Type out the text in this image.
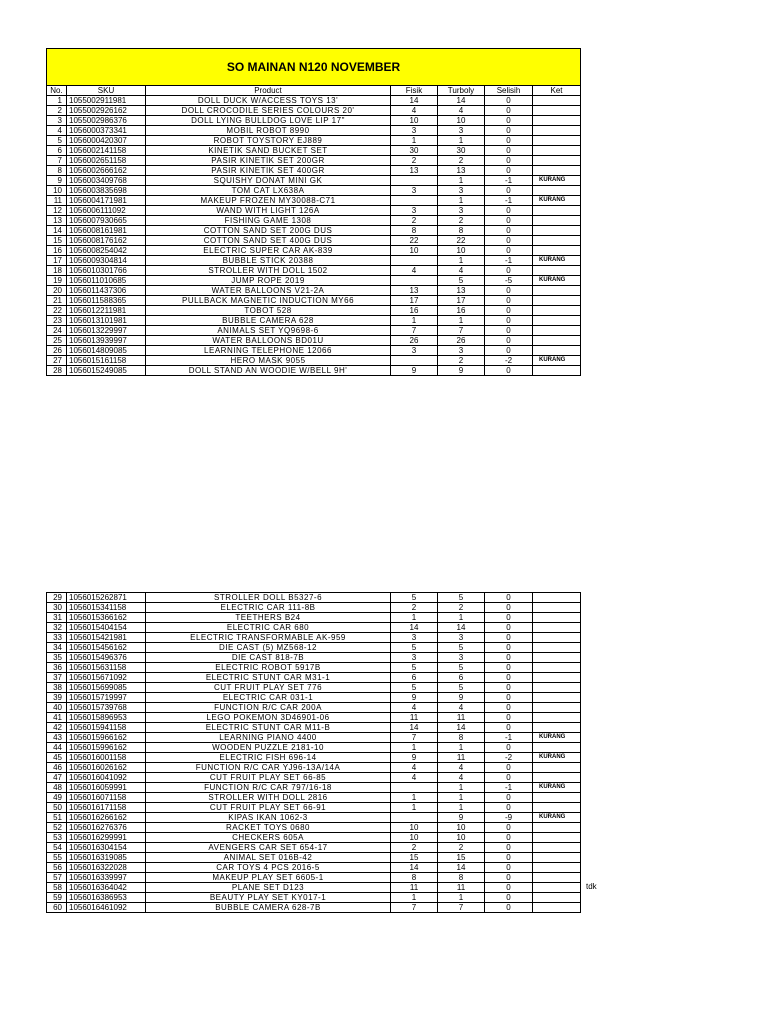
SO MAINAN N120 NOVEMBER						
No.	SKU	Product	Fisik	Turboly	Selisih	Ket
1	1055002911981	DOLL DUCK W/ACCESS TOYS 13'	14	14	0	
2	1055002926162	DOLL CROCODILE SERIES COLOURS 20'	4	4	0	
3	1055002986376	DOLL LYING BULLDOG LOVE LIP 17"	10	10	0	
4	1056000373341	MOBIL ROBOT 8990	3	3	0	
5	1056000420307	ROBOT TOYSTORY EJ889	1	1	0	
6	1056002141158	KINETIK SAND BUCKET SET	30	30	0	
7	1056002651158	PASIR KINETIK SET 200GR	2	2	0	
8	1056002666162	PASIR KINETIK SET 400GR	13	13	0	
9	1056003409768	SQUISHY DONAT MINI GK		1	-1	KURANG
10	1056003835698	TOM CAT LX638A	3	3	0	
11	1056004171981	MAKEUP FROZEN MY30088-C71		1	-1	KURANG
12	1056006111092	WAND WITH LIGHT 126A	3	3	0	
13	1056007930665	FISHING GAME 1308	2	2	0	
14	1056008161981	COTTON SAND SET 200G DUS	8	8	0	
15	1056008176162	COTTON SAND SET 400G DUS	22	22	0	
16	1056008254042	ELECTRIC SUPER CAR AK-839	10	10	0	
17	1056009304814	BUBBLE STICK 20388		1	-1	KURANG
18	1056010301766	STROLLER WITH DOLL 1502	4	4	0	
19	1056011010685	JUMP ROPE 2019		5	-5	KURANG
20	1056011437306	WATER BALLOONS V21-2A	13	13	0	
21	1056011588365	PULLBACK MAGNETIC INDUCTION MY66	17	17	0	
22	1056012211981	TOBOT 528	16	16	0	
23	1056013101981	BUBBLE CAMERA 628	1	1	0	
24	1056013229997	ANIMALS SET YQ9698-6	7	7	0	
25	1056013939997	WATER BALLOONS BD01U	26	26	0	
26	1056014809085	LEARNING TELEPHONE 12066	3	3	0	
27	1056015161158	HERO MASK 9055		2	-2	KURANG
28	1056015249085	DOLL STAND AN WOODIE W/BELL 9H'	9	9	0	
29	1056015262871	STROLLER DOLL B5327-6	5	5	0	
30	1056015341158	ELECTRIC CAR 111-8B	2	2	0	
31	1056015366162	TEETHERS B24	1	1	0	
32	1056015404154	ELECTRIC CAR 680	14	14	0	
33	1056015421981	ELECTRIC TRANSFORMABLE AK-959	3	3	0	
34	1056015456162	DIE CAST (5) MZ568-12	5	5	0	
35	1056015496376	DIE CAST 818-7B	3	3	0	
36	1056015631158	ELECTRIC ROBOT 5917B	5	5	0	
37	1056015671092	ELECTRIC STUNT CAR M31-1	6	6	0	
38	1056015699085	CUT FRUIT PLAY SET 776	5	5	0	
39	1056015719997	ELECTRIC CAR 031-1	9	9	0	
40	1056015739768	FUNCTION R/C CAR 200A	4	4	0	
41	1056015896953	LEGO POKEMON 3D46901-06	11	11	0	
42	1056015941158	ELECTRIC STUNT CAR M11-B	14	14	0	
43	1056015966162	LEARNING PIANO 4400	7	8	-1	KURANG
44	1056015996162	WOODEN PUZZLE 2181-10	1	1	0	
45	1056016001158	ELECTRIC FISH 696-14	9	11	-2	KURANG
46	1056016026162	FUNCTION R/C CAR YJ96-13A/14A	4	4	0	
47	1056016041092	CUT FRUIT PLAY SET 66-85	4	4	0	
48	1056016059991	FUNCTION R/C CAR 797/16-18		1	-1	KURANG
49	1056016071158	STROLLER WITH DOLL 2816	1	1	0	
50	1056016171158	CUT FRUIT PLAY SET 66-91	1	1	0	
51	1056016266162	KIPAS IKAN 1062-3		9	-9	KURANG
52	1056016276376	RACKET TOYS 0680	10	10	0	
53	1056016299991	CHECKERS 605A	10	10	0	
54	1056016304154	AVENGERS CAR SET 654-17	2	2	0	
55	1056016319085	ANIMAL SET 016B-42	15	15	0	
56	1056016322028	CAR TOYS 4 PCS 2016-5	14	14	0	
57	1056016339997	MAKEUP PLAY SET 6605-1	8	8	0	
58	1056016364042	PLANE SET D123	11	11	0	
59	1056016386953	BEAUTY PLAY SET KY017-1	1	1	0	
60	1056016461092	BUBBLE CAMERA 628-7B	7	7	0	
tdk
